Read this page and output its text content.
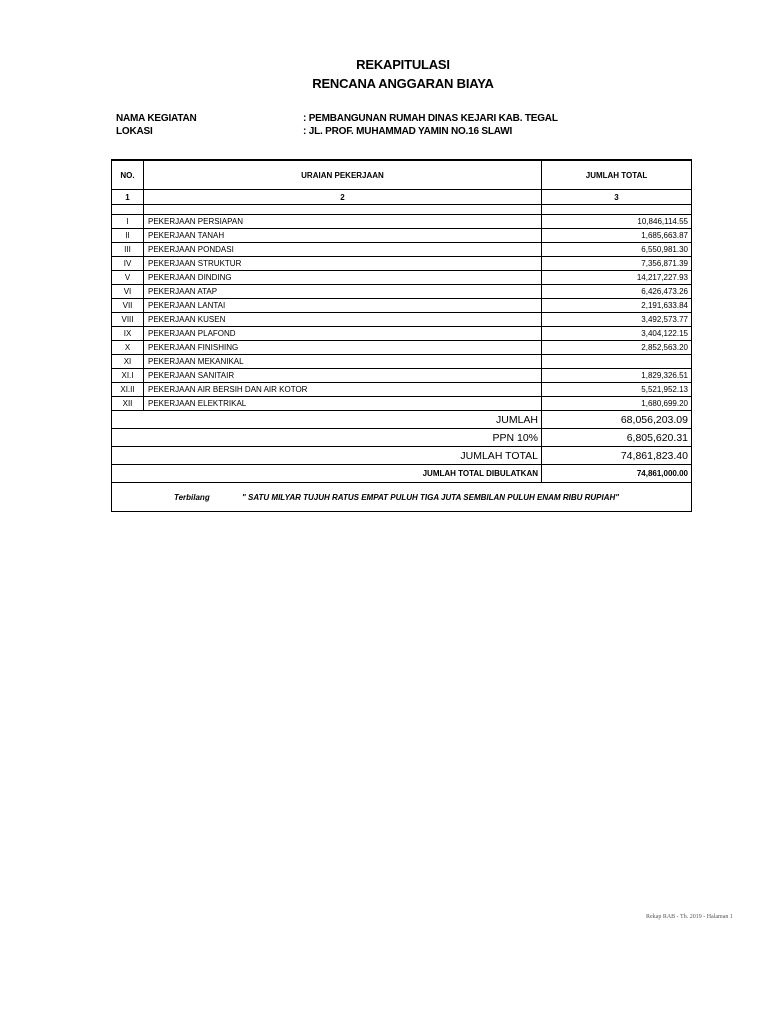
REKAPITULASI
RENCANA ANGGARAN BIAYA
NAMA KEGIATAN	: PEMBANGUNAN RUMAH DINAS KEJARI KAB. TEGAL
LOKASI	: JL. PROF. MUHAMMAD YAMIN NO.16 SLAWI
NO.	URAIAN PEKERJAAN	JUMLAH TOTAL
1	2	3

I	PEKERJAAN PERSIAPAN	10,846,114.55
II	PEKERJAAN TANAH	1,685,663.87
III	PEKERJAAN PONDASI	6,550,981.30
IV	PEKERJAAN STRUKTUR	7,356,871.39
V	PEKERJAAN DINDING	14,217,227.93
VI	PEKERJAAN ATAP	6,426,473.26
VII	PEKERJAAN LANTAI	2,191,633.84
VIII	PEKERJAAN KUSEN	3,492,573.77
IX	PEKERJAAN PLAFOND	3,404,122.15
X	PEKERJAAN FINISHING	2,852,563.20
XI	PEKERJAAN MEKANIKAL	
XI.I	PEKERJAAN SANITAIR	1,829,326.51
XI.II	PEKERJAAN AIR BERSIH DAN AIR KOTOR	5,521,952.13
XII	PEKERJAAN ELEKTRIKAL	1,680,699.20
	JUMLAH	68,056,203.09
	PPN 10%	6,805,620.31
	JUMLAH TOTAL	74,861,823.40
	JUMLAH TOTAL DIBULATKAN	74,861,000.00
Terbilang " SATU MILYAR TUJUH RATUS EMPAT PULUH TIGA JUTA SEMBILAN PULUH ENAM RIBU RUPIAH"		
Rekap RAB - Th. 2019 - Halaman 1
